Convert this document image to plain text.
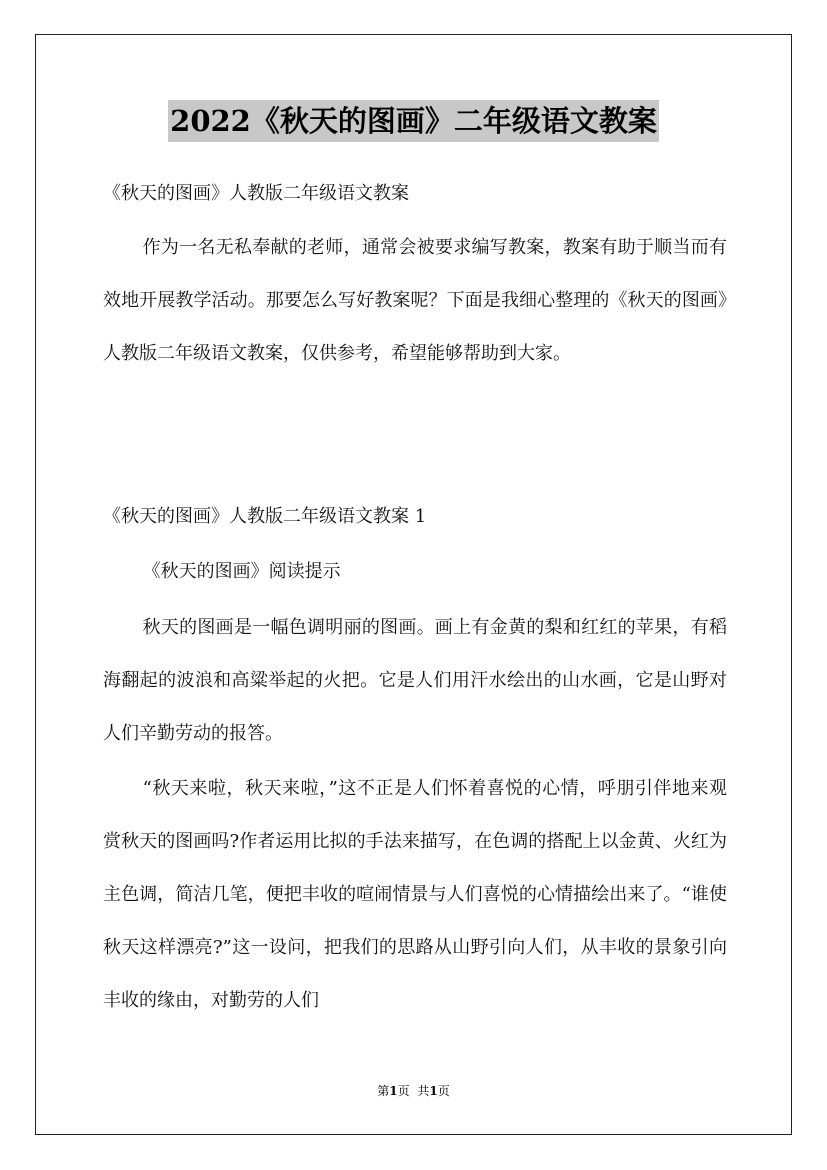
2022《秋天的图画》二年级语文教案

《秋天的图画》人教版二年级语文教案

作为一名无私奉献的老师，通常会被要求编写教案，教案有助于顺当而有效地开展教学活动。那要怎么写好教案呢？下面是我细心整理的《秋天的图画》人教版二年级语文教案，仅供参考，希望能够帮助到大家。

《秋天的图画》人教版二年级语文教案 1

《秋天的图画》阅读提示

秋天的图画是一幅色调明丽的图画。画上有金黄的梨和红红的苹果，有稻海翻起的波浪和高粱举起的火把。它是人们用汗水绘出的山水画，它是山野对人们辛勤劳动的报答。

“秋天来啦，秋天来啦，”这不正是人们怀着喜悦的心情，呼朋引伴地来观赏秋天的图画吗?作者运用比拟的手法来描写，在色调的搭配上以金黄、火红为主色调，简洁几笔，便把丰收的喧闹情景与人们喜悦的心情描绘出来了。“谁使秋天这样漂亮?”这一设问，把我们的思路从山野引向人们，从丰收的景象引向丰收的缘由，对勤劳的人们

第1页 共1页
